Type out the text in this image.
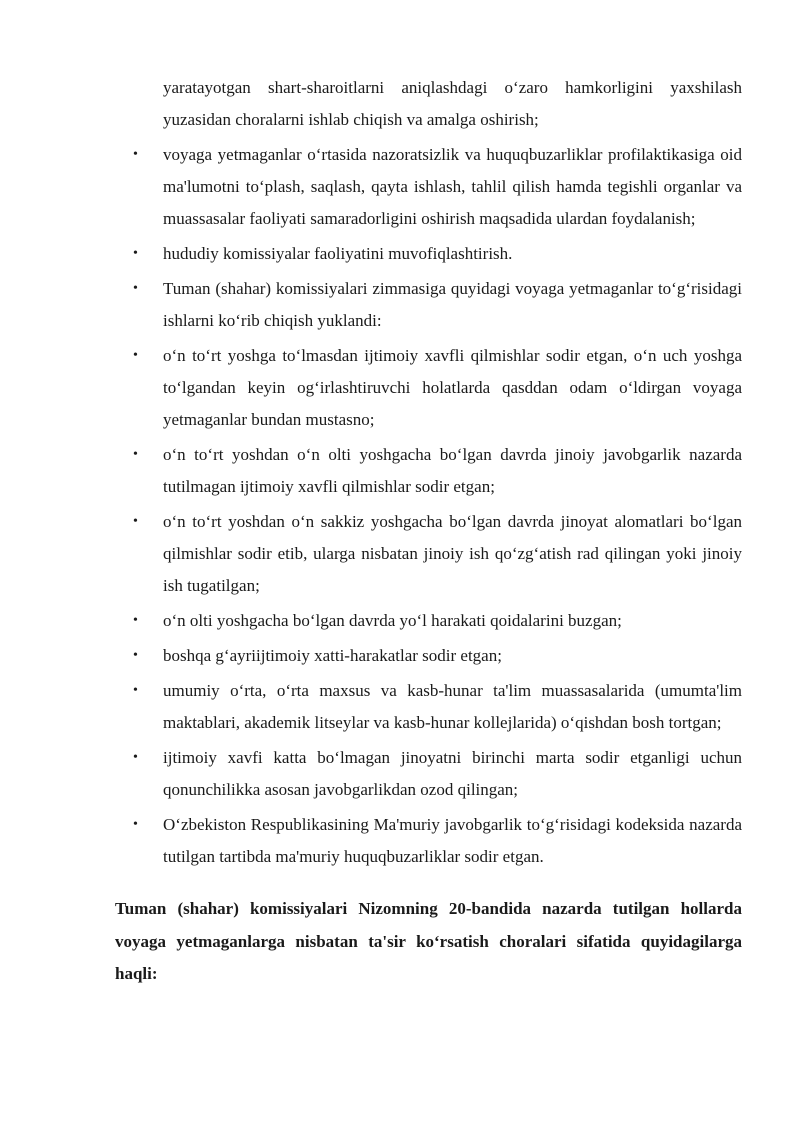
yaratayotgan shart-sharoitlarni aniqlashdagi o‘zaro hamkorligini yaxshilash yuzasidan choralarni ishlab chiqish va amalga oshirish;
• voyaga yetmaganlar o‘rtasida nazoratsizlik va huquqbuzarliklar profilaktikasiga oid ma'lumotni to‘plash, saqlash, qayta ishlash, tahlil qilish hamda tegishli organlar va muassasalar faoliyati samaradorligini oshirish maqsadida ulardan foydalanish;
• hududiy komissiyalar faoliyatini muvofiqlashtirish.
• Tuman (shahar) komissiyalari zimmasiga quyidagi voyaga yetmaganlar to‘g‘risidagi ishlarni ko‘rib chiqish yuklandi:
• o‘n to‘rt yoshga to‘lmasdan ijtimoiy xavfli qilmishlar sodir etgan, o‘n uch yoshga to‘lgandan keyin og‘irlashtiruvchi holatlarda qasddan odam o‘ldirgan voyaga yetmaganlar bundan mustasno;
• o‘n to‘rt yoshdan o‘n olti yoshgacha bo‘lgan davrda jinoiy javobgarlik nazarda tutilmagan ijtimoiy xavfli qilmishlar sodir etgan;
• o‘n to‘rt yoshdan o‘n sakkiz yoshgacha bo‘lgan davrda jinoyat alomatlari bo‘lgan qilmishlar sodir etib, ularga nisbatan jinoiy ish qo‘zg‘atish rad qilingan yoki jinoiy ish tugatilgan;
• o‘n olti yoshgacha bo‘lgan davrda yo‘l harakati qoidalarini buzgan;
• boshqa g‘ayriijtimoiy xatti-harakatlar sodir etgan;
• umumiy o‘rta, o‘rta maxsus va kasb-hunar ta'lim muassasalarida (umumta'lim maktablari, akademik litseylar va kasb-hunar kollejlarida) o‘qishdan bosh tortgan;
• ijtimoiy xavfi katta bo‘lmagan jinoyatni birinchi marta sodir etganligi uchun qonunchilikka asosan javobgarlikdan ozod qilingan;
• O‘zbekiston Respublikasining Ma'muriy javobgarlik to‘g‘risidagi kodeksida nazarda tutilgan tartibda ma'muriy huquqbuzarliklar sodir etgan.

Tuman (shahar) komissiyalari Nizomning 20-bandida nazarda tutilgan hollarda voyaga yetmaganlarga nisbatan ta'sir ko‘rsatish choralari sifatida quyidagilarga haqli:
